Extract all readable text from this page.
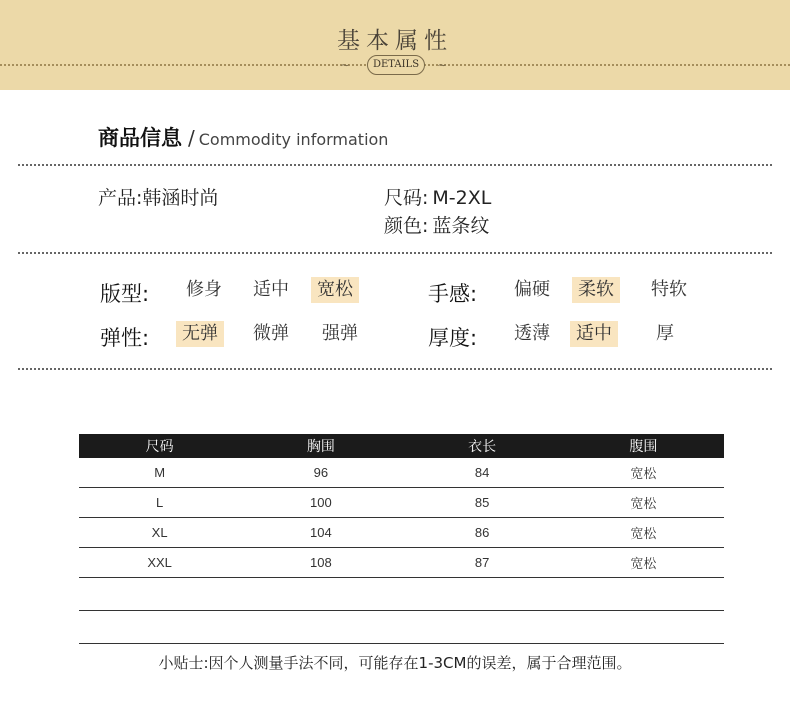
基本属性
∼	∼
DETAILS
商品信息 / Commodity information
产品:韩涵时尚	尺码: M-2XL
颜色: 蓝条纹
版型:	修身	适中	宽松	手感:	偏硬	柔软	特软
弹性:	无弹	微弹	强弹	厚度:	透薄	适中	厚
尺码	胸围	衣长	腹围
M	96	84	宽松
L	100	85	宽松
XL	104	86	宽松
XXL	108	87	宽松

小贴士:因个人测量手法不同，可能存在1-3CM的误差，属于合理范围。
